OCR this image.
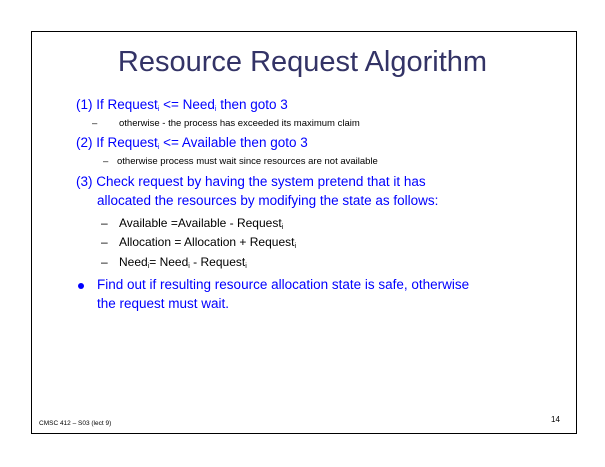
Resource Request Algorithm
(1) If Request$_i$ <= Need$_i$ then goto 3
– otherwise - the process has exceeded its maximum claim
(2) If Request$_i$ <= Available then goto 3
– otherwise process must wait since resources are not available
(3) Check request by having the system pretend that it has
allocated the resources by modifying the state as follows:
– Available =Available - Request$_i$
– Allocation = Allocation + Request$_i$
– Need$_i$= Need$_i$ - Request$_i$
Find out if resulting resource allocation state is safe, otherwise
the request must wait.
CMSC 412 – S03 (lect 9)	14
